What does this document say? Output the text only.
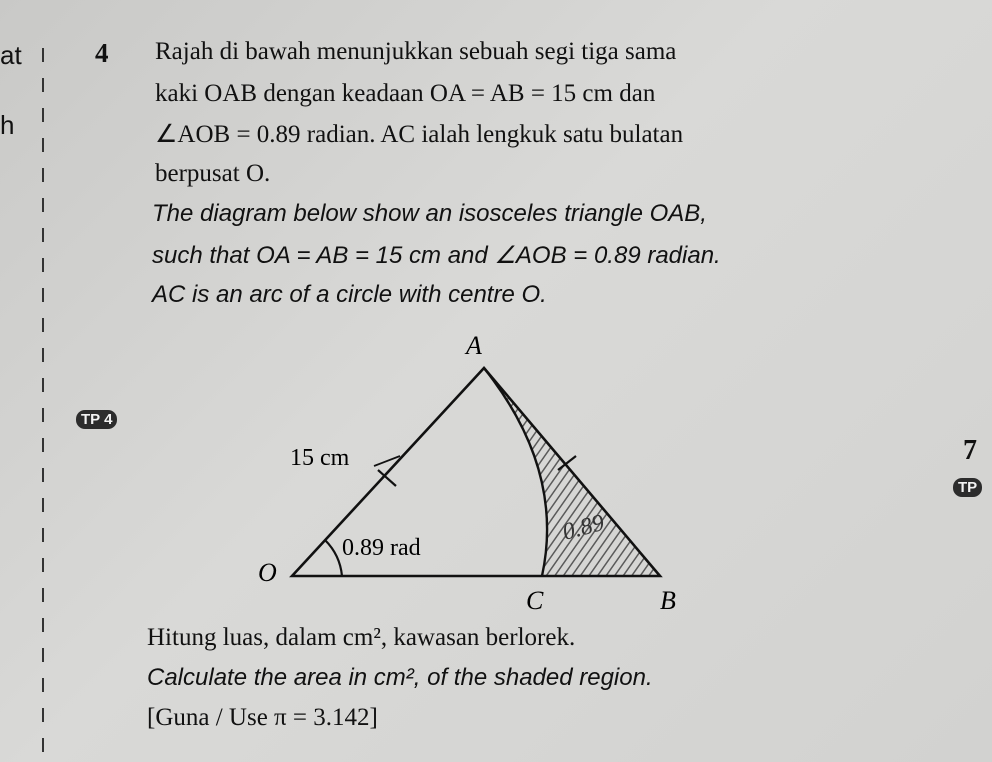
at
h
4 Rajah di bawah menunjukkan sebuah segi tiga sama
kaki OAB dengan keadaan OA = AB = 15 cm dan
∠AOB = 0.89 radian. AC ialah lengkuk satu bulatan
berpusat O.
The diagram below show an isosceles triangle OAB,
such that OA = AB = 15 cm and ∠AOB = 0.89 radian.
AC is an arc of a circle with centre O.
TP 4
7
TP
0.89
A
O
C	B
15 cm
0.89 rad
Hitung luas, dalam cm², kawasan berlorek.
Calculate the area in cm², of the shaded region.
[Guna / Use π = 3.142]
